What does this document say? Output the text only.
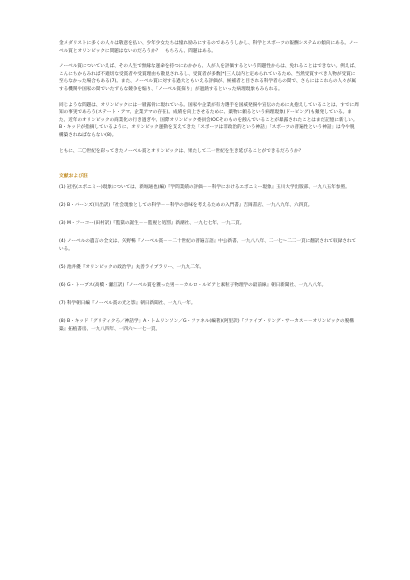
金メダリストに多くの人々は敬意を払い、少年少女たちは憧れ励みにするのであろうしかし、科学とスポーツの報酬システムの傾向にある。ノーベル賞とオリンピックに問題はないのだろうか？　もちろん、問題はある。

ノーベル賞についていえば、その人生で無縁な運命を持つにわかから、人が人を評価するという問題性からは、免れることはできない。例えば、こんにちからみれば不適切な受賞者や受賞理由も散見されるし、受賞者が多数[*]三人以内と定められているため、当然受賞すべき人物が受賞に至らなかった場合もある(7)。また、ノーベル賞に対する過大ともいえる評価が、候補者と目される科学者らの間で、さらにはこれらの人々が属する機関や国家の間でいたずらな競争を煽り、「ノーベル賞探り」が過熱するといった病理現象もみられる。

同じような問題は、オリンピックには一層露骨に現れている。国家や企業が有力選手を国威発揚や宣伝のために丸抱えしていることは、すでに周知の事実であろう(ステート・アマ、企業アマの存在)。成績を向上させるために、薬物に頼るという病理現象(ドーピング)も頻発している。また、近年のオリンピックの商業化の行き過ぎや、国際オリンピック委員会IOCそのものを蝕んでいることが暴露されたことはまだ記憶に新しい。B・キッドが指摘しているように、オリンピック運動を支えてきた「スポーツは非政治的という神話」「スポーツの普遍性という神話」は今や脱構築されねばならない(8)。

ともに、二〇世紀を彩ってきたノーベル賞とオリンピックは、果たして二一世紀を生き延びることができるだろうか？

文献および註

(1) 冠名(エポニミー)現象については、新堀通也(編)『学問業績の評価－－科学におけるエポニミー現象』玉川大学出版部、一九八五年参照。

(2) B・バーンズ(川出訳)『社会現象としての科学－－科学の意味を考えるための入門書』吉岡書店、一九八九年、六四頁。

(3) M・フーコー(田村訳)『監獄の誕生－－監視と処罰』新潮社、一九七七年、一九二頁。

(4) ノーベルの遺言の全文は、矢野暢『ノーベル賞－－二十世紀の普遍言語』中公新書、一九八八年、二一七～二二一頁に翻訳されて収録されている。

(5) 池井優『オリンピックの政治学』丸善ライブラリー、一九九二年。

(6) G・トーブス(高橋・瀬江訳)『ノーベル賞を獲った男－－カルロ・ルビアと素粒子物理学の最前線』朝日新聞社、一九八八年。

(7) 科学朝日編『ノーベル賞の光と影』朝日新聞社、一九八一年。

(8) B・キッド「グリティクろ／神話学」A・トムリンソン／G・ファネル(編著)(阿里訳)『ファイブ・リング・サーカス－－オリンピックの脱構築』拓植書房、一九八四年、一四六～一七一頁。
